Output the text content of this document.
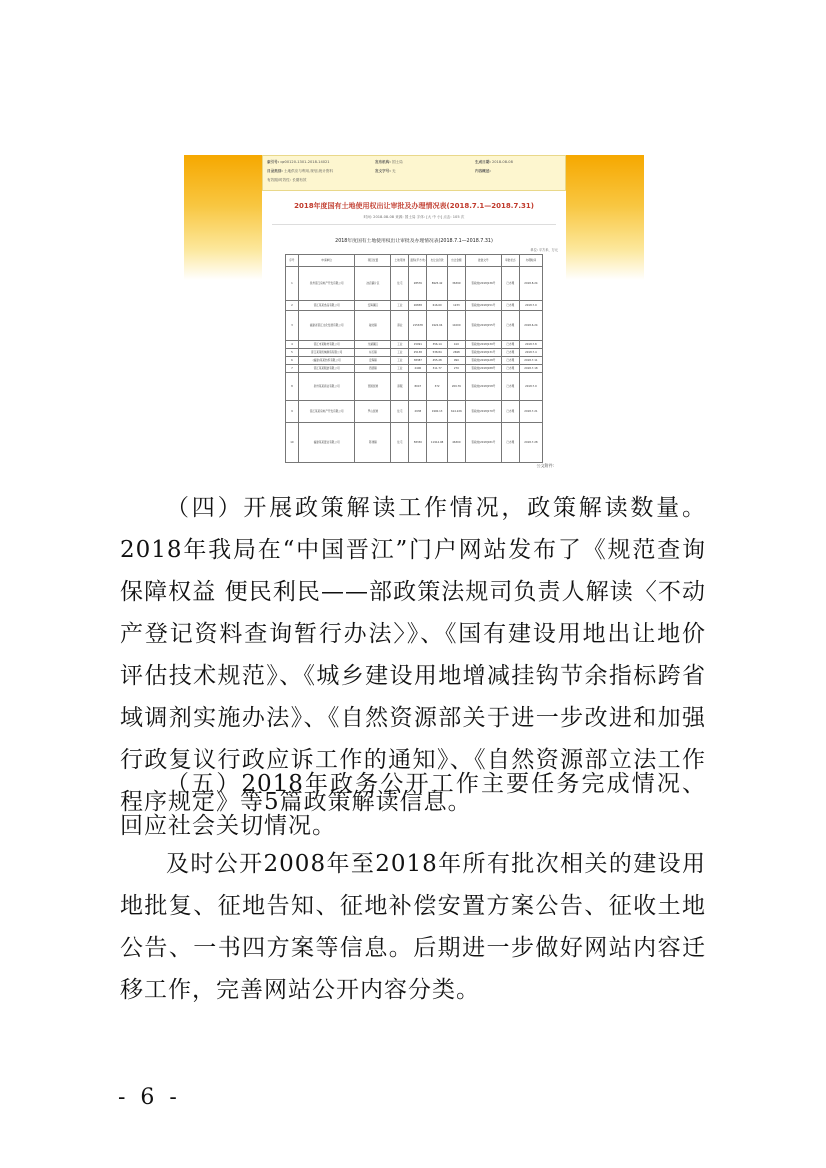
索引号: qz00120-1301-2018-14021	发布机构: 国土局	生成日期: 2018-08-08
目录类别: 土地供应与利用,规划,统计资料	发文字号: 无	内容概述:
有效期/时效性: 长期有效
2018年度国有土地使用权出让审批及办理情况表(2018.7.1—2018.7.31)
时间: 2018-08-08 来源: 国土局 字体: [大 中 小] 点击: 105 次
2018年度国有土地使用权出让审批及办理情况表(2018.7.1—2018.7.31)
单位: 平方米、万元
序号	申请单位	项目位置	土地用途	面积(平方米)	出让总价款	出让金额	批准文号	审批状态	办理时间
1	泉州晋江房地产开发有限公司	池店镇片区	住宅	28576	8925.42	36399	晋政地[2018]136号	已办理	2018.8.24
2	晋江某某食品有限公司	安海镇区	工业	26838	616.60	1233	晋政地[2018]151号	已办理	2018.7.9
3	福建省晋江文化发展有限公司	磁灶镇	商业	215678	1922.04	11000	晋政地[2018]155号	已办理	2018.6.24
4	晋江市某鞋材有限公司	龙湖镇区	工业	15091	356.14	410	晋政地[2018]130号	已办理	2018.7.8
5	晋江某某机械制造有限公司	东石镇	工业	25138	538.84	2698	晋政地[2018]131号	已办理	2018.7.4
6	(福建)某某纺织有限公司	安海镇	工业	38387	455.28	990	晋政地[2018]128号	已办理	2018.7.11
7	晋江某某服装有限公司	西滨镇	工业	2400	311.77	270	晋政地[2018]188号	已办理	2018.7.18
8	泉州某某商业有限公司	西园街道	商服	8047	372	209.76	晋政地[2018]158号	已办理	2018.7.9
9	晋江某某房地产开发有限公司	罗山街道	住宅	2938	1900.13	614.226	晋政地[2018]170号	已办理	2018.7.21
10	福建某某置业有限公司	陈埭镇	住宅	58330	11914.98	46300	晋政地[2018]181号	已办理	2018.7.28
公文附件:

（四）开展政策解读工作情况，政策解读数量。2018年我局在“中国晋江”门户网站发布了《规范查询 保障权益 便民利民——部政策法规司负责人解读〈不动产登记资料查询暂行办法〉》、《国有建设用地出让地价评估技术规范》、《城乡建设用地增减挂钩节余指标跨省域调剂实施办法》、《自然资源部关于进一步改进和加强行政复议行政应诉工作的通知》、《自然资源部立法工作程序规定》等5篇政策解读信息。

（五）2018年政务公开工作主要任务完成情况、回应社会关切情况。

及时公开2008年至2018年所有批次相关的建设用地批复、征地告知、征地补偿安置方案公告、征收土地公告、一书四方案等信息。后期进一步做好网站内容迁移工作，完善网站公开内容分类。

- 6 -
